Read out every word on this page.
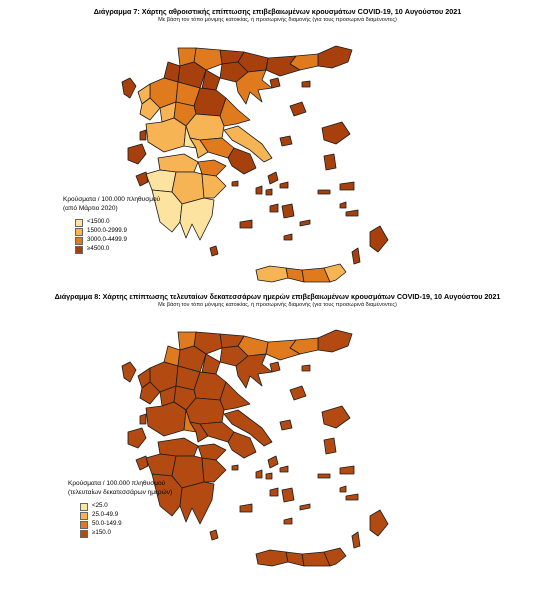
Διάγραμμα 7: Χάρτης αθροιστικής επίπτωσης επιβεβαιωμένων κρουσμάτων COVID-19, 10 Αυγούστου 2021
Με βάση τον τόπο μόνιμης κατοικίας, ή προσωρινής διαμονής (για τους προσωρινά διαμένοντες)
Κρούσματα / 100.000 πληθυσμού
(από Μάρτιο 2020)
<1500.0
1500.0-2999.9
3000.0-4499.9
≥4500.0
Διάγραμμα 8: Χάρτης επίπτωσης τελευταίων δεκατεσσάρων ημερών επιβεβαιωμένων κρουσμάτων COVID-19, 10 Αυγούστου 2021
Με βάση τον τόπο μόνιμης κατοικίας, ή προσωρινής διαμονής (για τους προσωρινά διαμένοντες)
Κρούσματα / 100.000 πληθυσμού
(τελευταίων δεκατεσσάρων ημερών)
<25.0
25.0-49.9
50.0-149.9
≥150.0
